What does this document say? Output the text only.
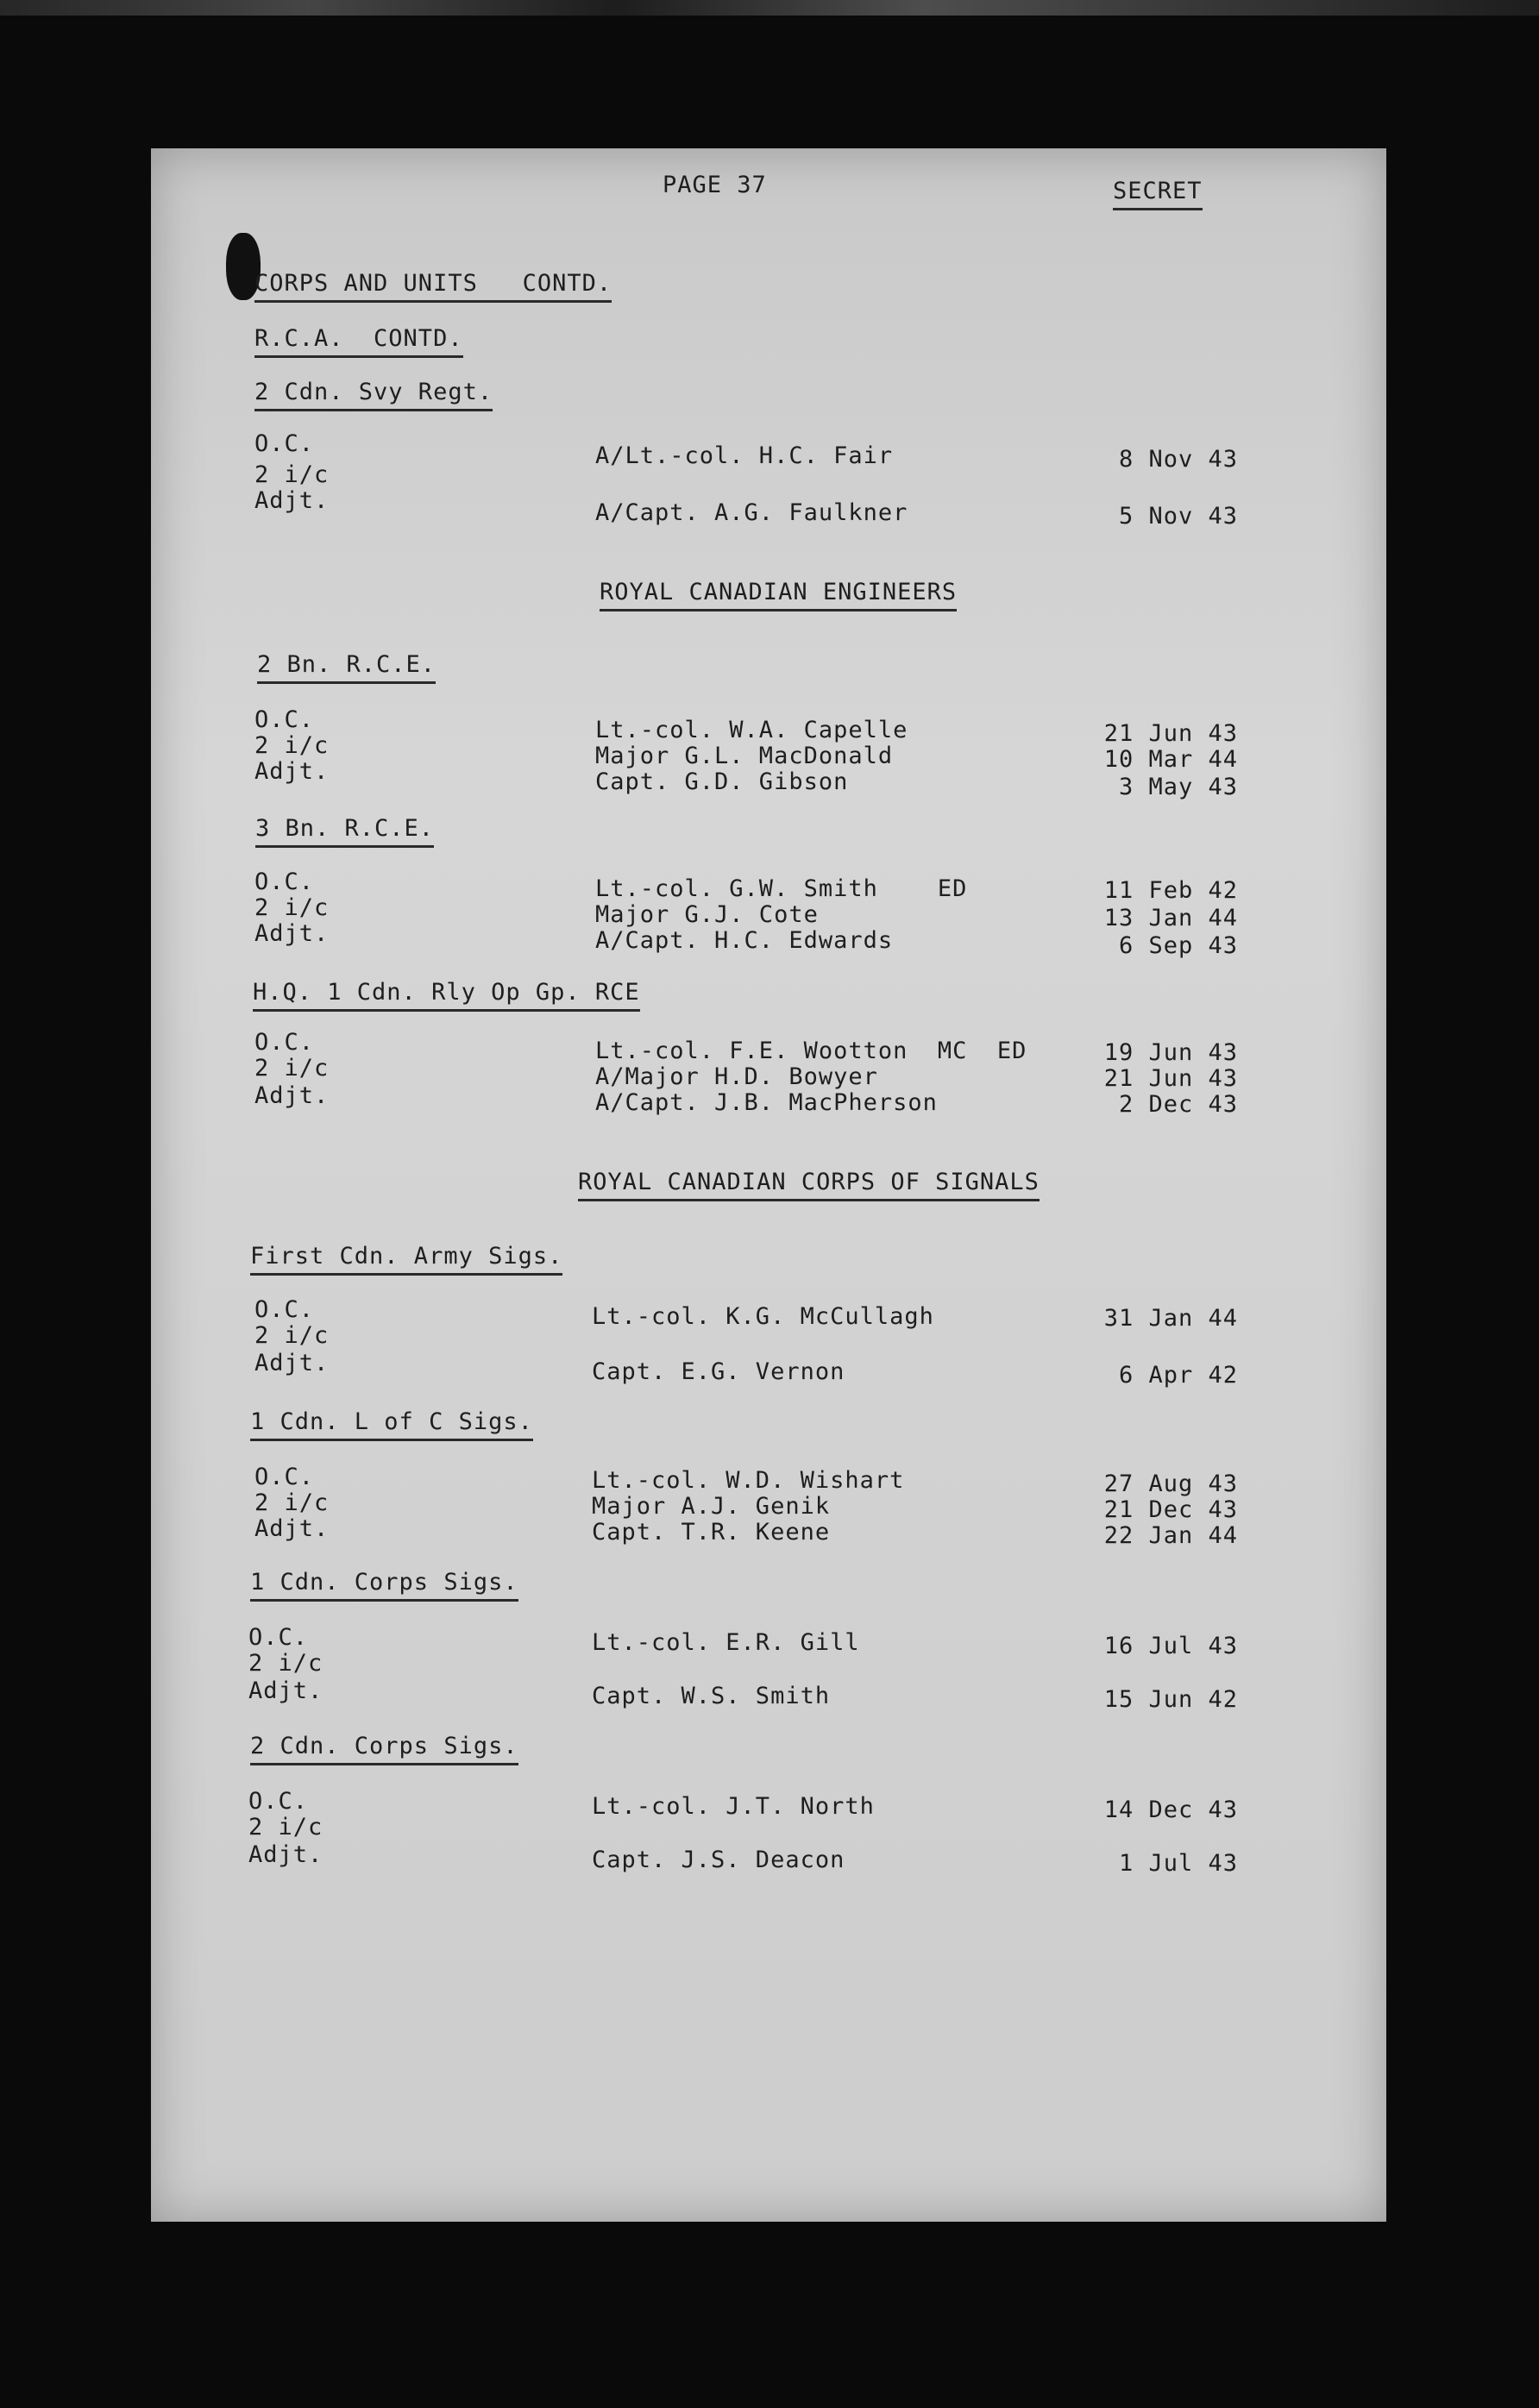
PAGE 37	SECRET
CORPS AND UNITS   CONTD.
R.C.A.  CONTD.
2 Cdn. Svy Regt.
O.C.	A/Lt.-col. H.C. Fair	8 Nov 43
2 i/c
Adjt.	A/Capt. A.G. Faulkner	5 Nov 43
ROYAL CANADIAN ENGINEERS
2 Bn. R.C.E.
O.C.	Lt.-col. W.A. Capelle	21 Jun 43
2 i/c	Major G.L. MacDonald	10 Mar 44
Adjt.	Capt. G.D. Gibson	3 May 43
3 Bn. R.C.E.
O.C.	Lt.-col. G.W. Smith    ED	11 Feb 42
2 i/c	Major G.J. Cote	13 Jan 44
Adjt.	A/Capt. H.C. Edwards	6 Sep 43
H.Q. 1 Cdn. Rly Op Gp. RCE
O.C.	Lt.-col. F.E. Wootton  MC  ED	19 Jun 43
2 i/c	A/Major H.D. Bowyer	21 Jun 43
Adjt.	A/Capt. J.B. MacPherson	2 Dec 43
ROYAL CANADIAN CORPS OF SIGNALS
First Cdn. Army Sigs.
O.C.	Lt.-col. K.G. McCullagh	31 Jan 44
2 i/c
Adjt.	Capt. E.G. Vernon	6 Apr 42
1 Cdn. L of C Sigs.
O.C.	Lt.-col. W.D. Wishart	27 Aug 43
2 i/c	Major A.J. Genik	21 Dec 43
Adjt.	Capt. T.R. Keene	22 Jan 44
1 Cdn. Corps Sigs.
O.C.	Lt.-col. E.R. Gill	16 Jul 43
2 i/c
Adjt.	Capt. W.S. Smith	15 Jun 42
2 Cdn. Corps Sigs.
O.C.	Lt.-col. J.T. North	14 Dec 43
2 i/c
Adjt.	Capt. J.S. Deacon	1 Jul 43
